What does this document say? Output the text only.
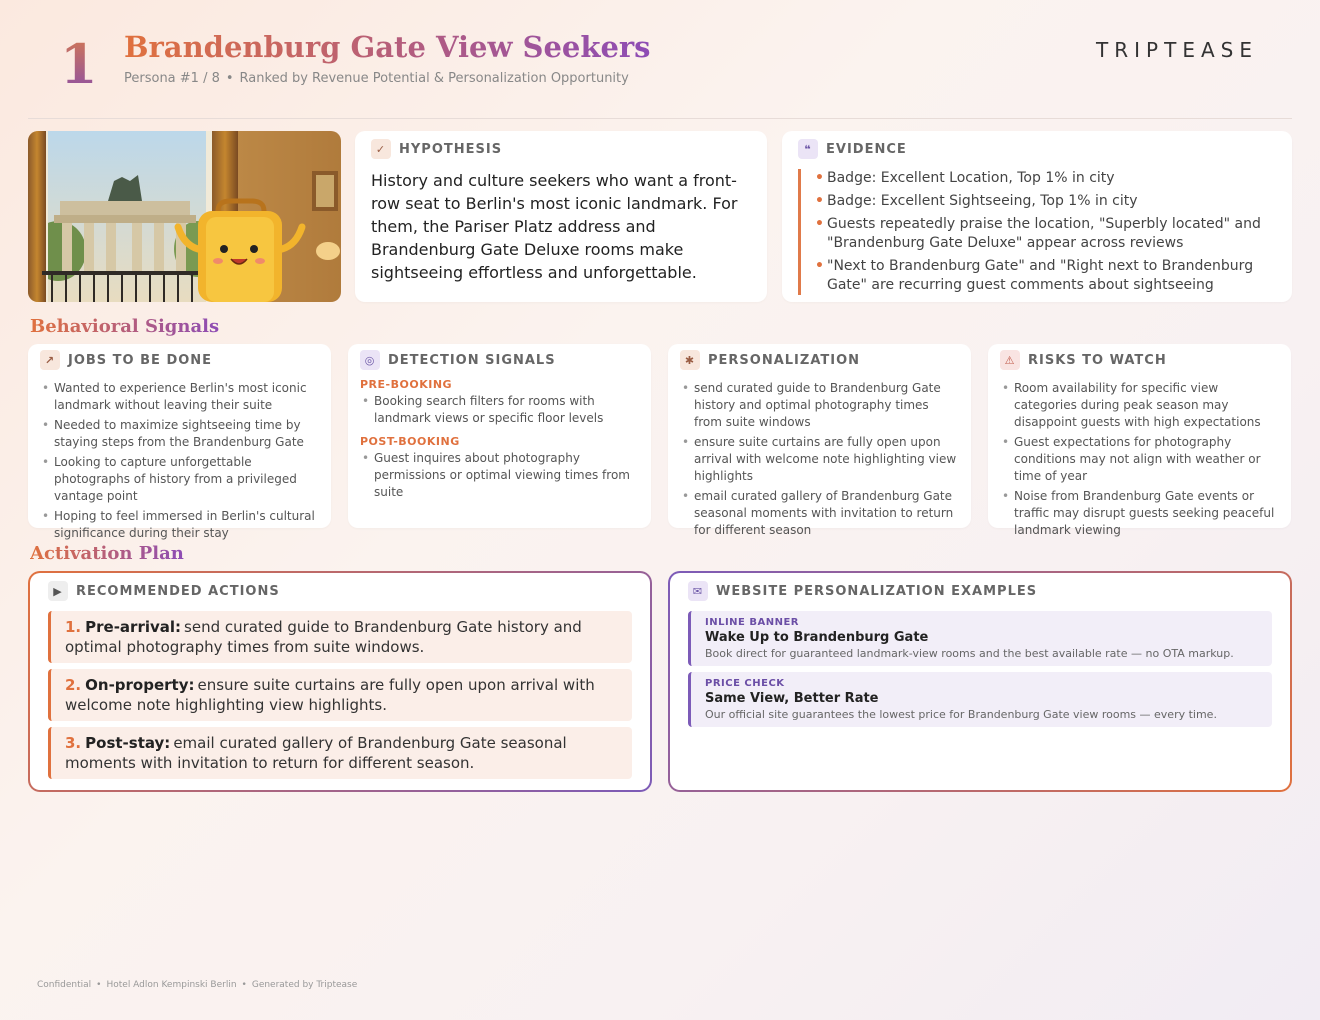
1 Brandenburg Gate View Seekers
Persona #1 / 8 • Ranked by Revenue Potential & Personalization Opportunity
TRIPTEASE
✓ HYPOTHESIS
History and culture seekers who want a front-row seat to Berlin's most iconic landmark. For them, the Pariser Platz address and Brandenburg Gate Deluxe rooms make sightseeing effortless and unforgettable.
❝	EVIDENCE
• Badge: Excellent Location, Top 1% in city
• Badge: Excellent Sightseeing, Top 1% in city
• Guests repeatedly praise the location, "Superbly located" and "Brandenburg Gate Deluxe" appear across reviews
• "Next to Brandenburg Gate" and "Right next to Brandenburg Gate" are recurring guest comments about sightseeing
Behavioral Signals
↗ JOBS TO BE DONE
• Wanted to experience Berlin's most iconic landmark without leaving their suite
• Needed to maximize sightseeing time by staying steps from the Brandenburg Gate
• Looking to capture unforgettable photographs of history from a privileged vantage point
• Hoping to feel immersed in Berlin's cultural significance during their stay
◎ DETECTION SIGNALS
PRE-BOOKING
• Booking search filters for rooms with landmark views or specific floor levels
POST-BOOKING
• Guest inquires about photography permissions or optimal viewing times from suite
✱ PERSONALIZATION
• send curated guide to Brandenburg Gate history and optimal photography times from suite windows
• ensure suite curtains are fully open upon arrival with welcome note highlighting view highlights
• email curated gallery of Brandenburg Gate seasonal moments with invitation to return for different season
⚠ RISKS TO WATCH
• Room availability for specific view categories during peak season may disappoint guests with high expectations
• Guest expectations for photography conditions may not align with weather or time of year
• Noise from Brandenburg Gate events or traffic may disrupt guests seeking peaceful landmark viewing
Activation Plan
▶	RECOMMENDED ACTIONS
1. Pre-arrival: send curated guide to Brandenburg Gate history and optimal photography times from suite windows.
2. On-property: ensure suite curtains are fully open upon arrival with welcome note highlighting view highlights.
3. Post-stay: email curated gallery of Brandenburg Gate seasonal moments with invitation to return for different season.
✉ WEBSITE PERSONALIZATION EXAMPLES
INLINE BANNER
Wake Up to Brandenburg Gate
Book direct for guaranteed landmark-view rooms and the best available rate — no OTA markup.
PRICE CHECK
Same View, Better Rate
Our official site guarantees the lowest price for Brandenburg Gate view rooms — every time.
Confidential • Hotel Adlon Kempinski Berlin • Generated by Triptease
